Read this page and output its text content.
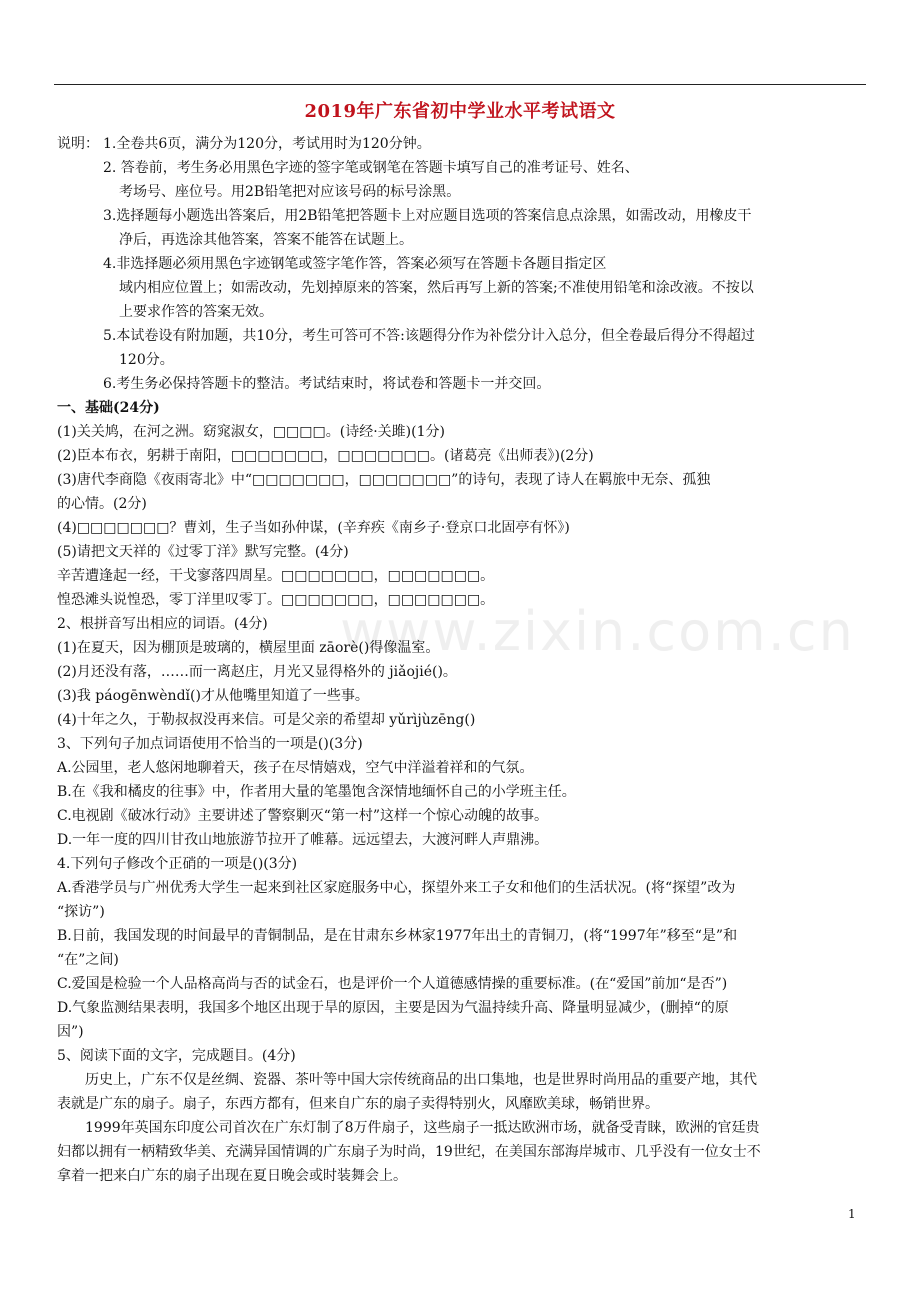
2019年广东省初中学业水平考试语文
www.zixin.com.cn
说明： 1.全卷共6页，满分为120分，考试用时为120分钟。

2. 答卷前，考生务必用黑色字迹的签字笔或钢笔在答题卡填写自己的准考证号、姓名、

考场号、座位号。用2B铅笔把对应该号码的标号涂黑。

3.选择题每小题选出答案后，用2B铅笔把答题卡上对应题目选项的答案信息点涂黑，如需改动，用橡皮干

净后，再选涂其他答案，答案不能答在试题上。

4.非选择题必须用黑色字迹钢笔或签字笔作答，答案必须写在答题卡各题目指定区

域内相应位置上；如需改动，先划掉原来的答案，然后再写上新的答案;不准使用铅笔和涂改液。不按以

上要求作答的答案无效。

5.本试卷设有附加题，共10分，考生可答可不答:该题得分作为补偿分计入总分，但全卷最后得分不得超过

120分。

6.考生务必保持答题卡的整洁。考试结束时，将试卷和答题卡一并交回。

一、基础(24分)

(1)关关鸠，在河之洲。窈窕淑女，□□□□。(诗经·关雎)(1分)

(2)臣本布衣，躬耕于南阳，□□□□□□□，□□□□□□□。(诸葛亮《出师表》)(2分)

(3)唐代李商隐《夜雨寄北》中“□□□□□□□，□□□□□□□”的诗句，表现了诗人在羁旅中无奈、孤独

的心情。(2分)

(4)□□□□□□□？曹刘，生子当如孙仲谋，(辛弃疾《南乡子·登京口北固亭有怀》)

(5)请把文天祥的《过零丁洋》默写完整。(4分)

辛苦遭逢起一经，干戈寥落四周星。□□□□□□□，□□□□□□□。

惶恐滩头说惶恐，零丁洋里叹零丁。□□□□□□□，□□□□□□□。

2、根拼音写出相应的词语。(4分)

(1)在夏天，因为棚顶是玻璃的，横屋里面 zāorè()得像温室。

(2)月还没有落，……而一离赵庄，月光又显得格外的 jiǎojié()。

(3)我 páogēnwèndǐ()才从他嘴里知道了一些事。

(4)十年之久，于勒叔叔没再来信。可是父亲的希望却 yǔrìjùzēng()

3、下列句子加点词语使用不恰当的一项是()(3分)

A.公园里，老人悠闲地聊着天，孩子在尽情嬉戏，空气中洋溢着祥和的气氛。

B.在《我和橘皮的往事》中，作者用大量的笔墨饱含深情地缅怀自己的小学班主任。

C.电视剧《破冰行动》主要讲述了警察剿灭“第一村”这样一个惊心动魄的故事。

D.一年一度的四川甘孜山地旅游节拉开了帷幕。远远望去，大渡河畔人声鼎沸。

4.下列句子修改个正硝的一项是()(3分)

A.香港学员与广州优秀大学生一起来到社区家庭服务中心，探望外来工子女和他们的生活状况。(将“探望”改为

“探访”)

B.日前，我国发现的时间最早的青铜制品，是在甘肃东乡林家1977年出土的青铜刀，(将“1997年”移至“是”和

“在”之间)

C.爱国是检验一个人品格高尚与否的试金石，也是评价一个人道德感情操的重要标准。(在“爱国”前加“是否”)

D.气象监测结果表明，我国多个地区出现于旱的原因，主要是因为气温持续升高、降量明显减少，(删掉“的原

因”)

5、阅读下面的文字，完成题目。(4分)

历史上，广东不仅是丝绸、瓷器、茶叶等中国大宗传统商品的出口集地，也是世界时尚用品的重要产地，其代

表就是广东的扇子。扇子，东西方都有，但来自广东的扇子卖得特别火，风靡欧美球，畅销世界。

1999年英国东印度公司首次在广东灯制了8万件扇子，这些扇子一抵达欧洲市场，就备受青睐，欧洲的官廷贵

妇都以拥有一柄精致华美、充满异国情调的广东扇子为时尚，19世纪，在美国东部海岸城市、几乎没有一位女士不

拿着一把来白广东的扇子出现在夏日晚会或时装舞会上。

1
